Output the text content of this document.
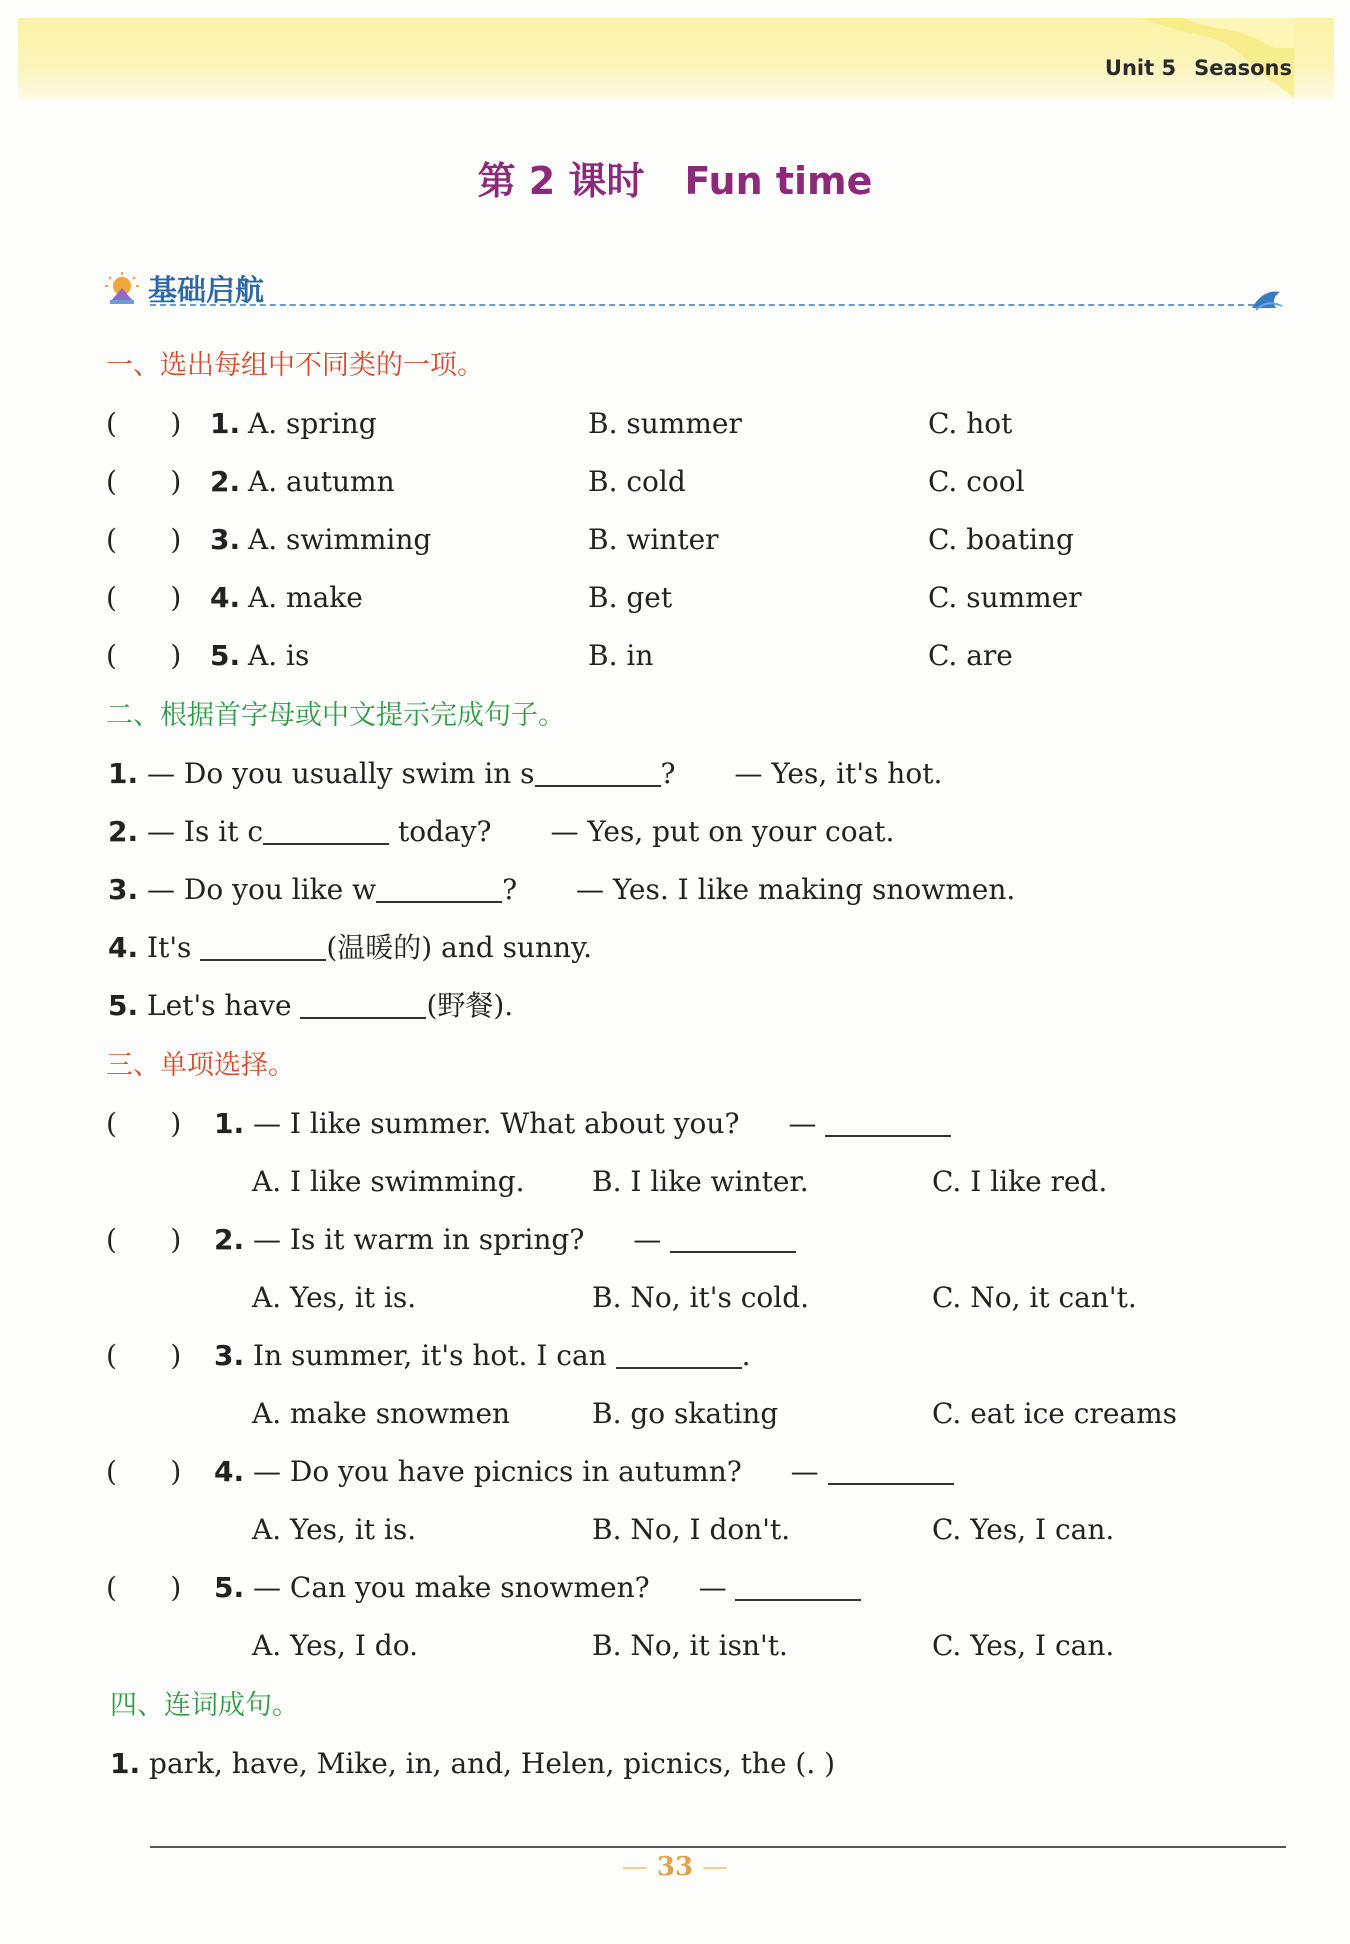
Unit 5 Seasons
第 2 课时 Fun time
基础启航
一、选出每组中不同类的一项。
(      ) 1. A. spring	B. summer	C. hot
(      ) 2. A. autumn	B. cold	C. cool
(      ) 3. A. swimming	B. winter	C. boating
(      ) 4. A. make	B. get	C. summer
(      ) 5. A. is	B. in	C. are
二、根据首字母或中文提示完成句子。
1. — Do you usually swim in s	? — Yes, it's hot.
2. — Is it c	today? — Yes, put on your coat.
3. — Do you like w	? — Yes. I like making snowmen.
4. It's	(温暖的) and sunny.
5. Let's have	(野餐).
三、单项选择。
(      ) 1. — I like summer. What about you? —
A. I like swimming. B. I like winter.	C. I like red.
(      ) 2. — Is it warm in spring? —
A. Yes, it is.	B. No, it's cold.	C. No, it can't.
(      ) 3. In summer, it's hot. I can	.
A. make snowmen	B. go skating	C. eat ice creams
(      ) 4. — Do you have picnics in autumn? —
A. Yes, it is.	B. No, I don't.	C. Yes, I can.
(      ) 5. — Can you make snowmen? —
A. Yes, I do.	B. No, it isn't.	C. Yes, I can.
四、连词成句。
1. park, have, Mike, in, and, Helen, picnics, the (. )
— 33 —
